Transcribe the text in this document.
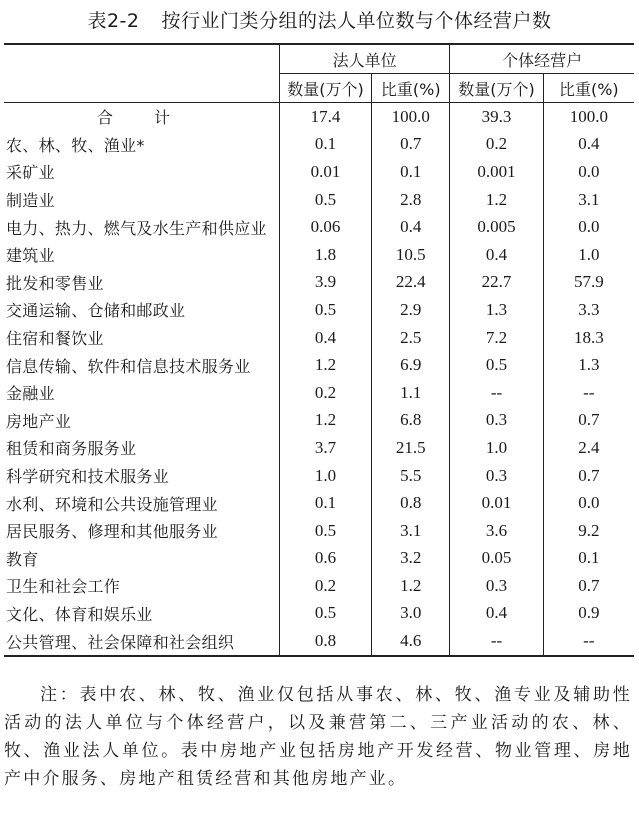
表2-2 按行业门类分组的法人单位数与个体经营户数
	法人单位		个体经营户	
	数量(万个)	比重(%)	数量(万个)	比重(%)
合 计	17.4	100.0	39.3	100.0
农、林、牧、渔业*	0.1	0.7	0.2	0.4
采矿业	0.01	0.1	0.001	0.0
制造业	0.5	2.8	1.2	3.1
电力、热力、燃气及水生产和供应业	0.06	0.4	0.005	0.0
建筑业	1.8	10.5	0.4	1.0
批发和零售业	3.9	22.4	22.7	57.9
交通运输、仓储和邮政业	0.5	2.9	1.3	3.3
住宿和餐饮业	0.4	2.5	7.2	18.3
信息传输、软件和信息技术服务业	1.2	6.9	0.5	1.3
金融业	0.2	1.1	--	--
房地产业	1.2	6.8	0.3	0.7
租赁和商务服务业	3.7	21.5	1.0	2.4
科学研究和技术服务业	1.0	5.5	0.3	0.7
水利、环境和公共设施管理业	0.1	0.8	0.01	0.0
居民服务、修理和其他服务业	0.5	3.1	3.6	9.2
教育	0.6	3.2	0.05	0.1
卫生和社会工作	0.2	1.2	0.3	0.7
文化、体育和娱乐业	0.5	3.0	0.4	0.9
公共管理、社会保障和社会组织	0.8	4.6	--	--
注：表中农、林、牧、渔业仅包括从事农、林、牧、渔专业及辅助性活动的法人单位与个体经营户，以及兼营第二、三产业活动的农、林、牧、渔业法人单位。表中房地产业包括房地产开发经营、物业管理、房地产中介服务、房地产租赁经营和其他房地产业。
